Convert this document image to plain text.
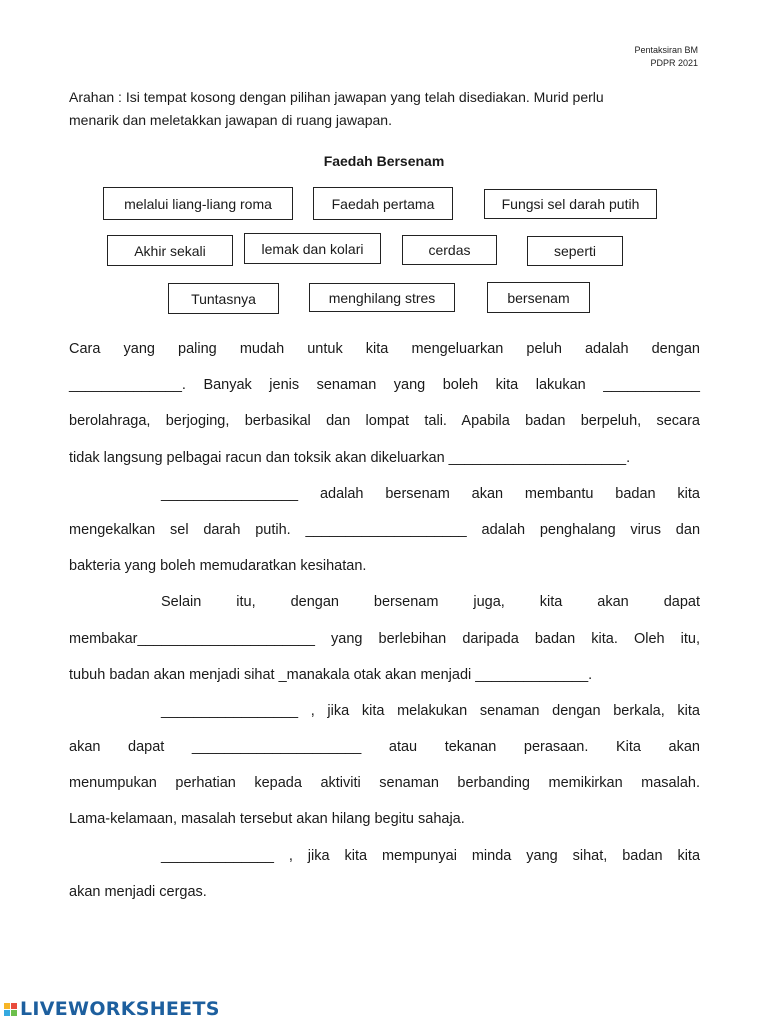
Pentaksiran BM
PDPR 2021
Arahan : Isi tempat kosong dengan pilihan jawapan yang telah disediakan. Murid perlu
menarik dan meletakkan jawapan di ruang jawapan.
Faedah Bersenam
melalui liang-liang roma	Faedah pertama	Fungsi sel darah putih
Akhir sekali	lemak dan kolari	cerdas	seperti
Tuntasnya	menghilang stres	bersenam
Cara yang paling mudah untuk kita mengeluarkan peluh adalah dengan
______________. Banyak jenis senaman yang boleh kita lakukan ____________
berolahraga, berjoging, berbasikal dan lompat tali. Apabila badan berpeluh, secara
tidak langsung pelbagai racun dan toksik akan dikeluarkan ______________________.
_________________ adalah bersenam akan membantu badan kita
mengekalkan sel darah putih. ____________________ adalah penghalang virus dan
bakteria yang boleh memudaratkan kesihatan.
Selain itu, dengan bersenam juga, kita akan dapat
membakar______________________ yang berlebihan daripada badan kita. Oleh itu,
tubuh badan akan menjadi sihat _manakala otak akan menjadi ______________.
_________________ , jika kita melakukan senaman dengan berkala, kita
akan dapat _____________________ atau tekanan perasaan. Kita akan
menumpukan perhatian kepada aktiviti senaman berbanding memikirkan masalah.
Lama-kelamaan, masalah tersebut akan hilang begitu sahaja.
______________ , jika kita mempunyai minda yang sihat, badan kita
akan menjadi cergas.
LIVEWORKSHEETS
